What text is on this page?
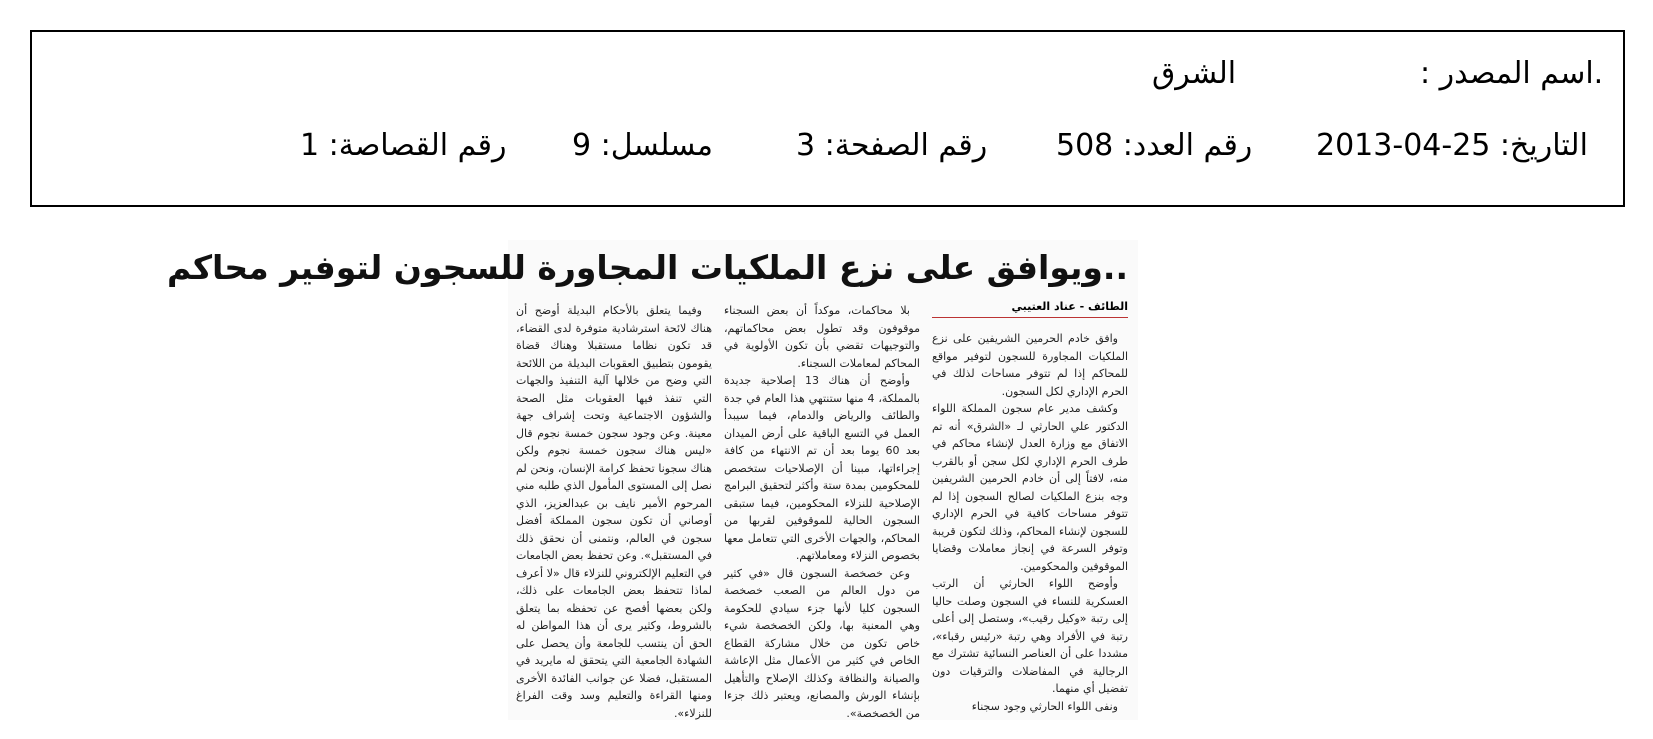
.اسم المصدر :
الشرق
التاريخ: 25-04-2013
رقم العدد: 508
رقم الصفحة: 3
مسلسل: 9
رقم القصاصة: 1
..ويوافق على نزع الملكيات المجاورة للسجون لتوفير محاكم
الطائف - عناد العتيبي

وافق خادم الحرمين الشريفين على نزع الملكيات المجاورة للسجون لتوفير مواقع للمحاكم إذا لم تتوفر مساحات لذلك في الحرم الإداري لكل السجون.

وكشف مدير عام سجون المملكة اللواء الدكتور علي الحارثي لـ «الشرق» أنه تم الاتفاق مع وزارة العدل لإنشاء محاكم في طرف الحرم الإداري لكل سجن أو بالقرب منه، لافتاً إلى أن خادم الحرمين الشريفين وجه بنزع الملكيات لصالح السجون إذا لم تتوفر مساحات كافية في الحرم الإداري للسجون لإنشاء المحاكم، وذلك لتكون قريبة وتوفر السرعة في إنجاز معاملات وقضايا الموقوفين والمحكومين.

وأوضح اللواء الحارثي أن الرتب العسكرية للنساء في السجون وصلت حاليا إلى رتبة «وكيل رقيب»، وستصل إلى أعلى رتبة في الأفراد وهي رتبة «رئيس رقباء»، مشددا على أن العناصر النسائية تشترك مع الرجالية في المفاضلات والترقيات دون تفضيل أي منهما.

ونفى اللواء الحارثي وجود سجناء

بلا محاكمات، موكداً أن بعض السجناء موقوفون وقد تطول بعض محاكماتهم، والتوجيهات تقضي بأن تكون الأولوية في المحاكم لمعاملات السجناء.

وأوضح أن هناك 13 إصلاحية جديدة بالمملكة، 4 منها ستنتهي هذا العام في جدة والطائف والرياض والدمام، فيما سيبدأ العمل في التسع الباقية على أرض الميدان بعد 60 يوما بعد أن تم الانتهاء من كافة إجراءاتها، مبينا أن الإصلاحيات ستخصص للمحكومين بمدة ستة وأكثر لتحقيق البرامج الإصلاحية للنزلاء المحكومين، فيما ستبقى السجون الحالية للموقوفين لقربها من المحاكم، والجهات الأخرى التي تتعامل معها بخصوص النزلاء ومعاملاتهم.

وعن خصخصة السجون قال «في كثير من دول العالم من الصعب خصخصة السجون كليا لأنها جزء سيادي للحكومة وهي المعنية بها، ولكن الخصخصة شيء خاص تكون من خلال مشاركة القطاع الخاص في كثير من الأعمال مثل الإعاشة والصيانة والنظافة وكذلك الإصلاح والتأهيل بإنشاء الورش والمصانع، ويعتبر ذلك جزءا من الخصخصة».

وفيما يتعلق بالأحكام البديلة أوضح أن هناك لائحة استرشادية متوفرة لدى القضاء، قد تكون نظاما مستقبلا وهناك قضاة يقومون بتطبيق العقوبات البديلة من اللائحة التي وضح من خلالها آلية التنفيذ والجهات التي تنفذ فيها العقوبات مثل الصحة والشؤون الاجتماعية وتحت إشراف جهة معينة. وعن وجود سجون خمسة نجوم قال «ليس هناك سجون خمسة نجوم ولكن هناك سجونا تحفظ كرامة الإنسان، ونحن لم نصل إلى المستوى المأمول الذي طلبه مني المرحوم الأمير نايف بن عبدالعزيز، الذي أوصاني أن تكون سجون المملكة أفضل سجون في العالم، ونتمنى أن نحقق ذلك في المستقبل». وعن تحفظ بعض الجامعات في التعليم الإلكتروني للنزلاء قال «لا أعرف لماذا تتحفظ بعض الجامعات على ذلك، ولكن بعضها أفصح عن تحفظه بما يتعلق بالشروط، وكثير يرى أن هذا المواطن له الحق أن ينتسب للجامعة وأن يحصل على الشهادة الجامعية التي يتحقق له مايريد في المستقبل، فضلا عن جوانب الفائدة الأخرى ومنها القراءة والتعليم وسد وقت الفراغ للنزلاء».
